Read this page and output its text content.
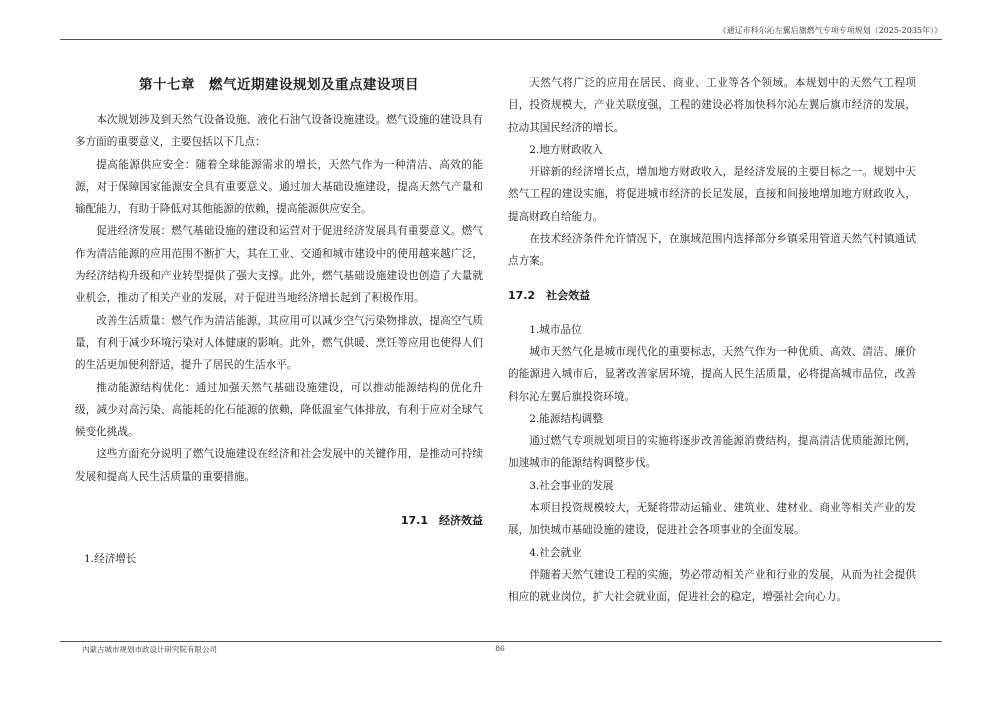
《通辽市科尔沁左翼后旗燃气专项专项规划（2025-2035年）》
第十七章　燃气近期建设规划及重点建设项目

本次规划涉及到天然气设备设施、液化石油气设备设施建设。燃气设施的建设具有多方面的重要意义，主要包括以下几点：

提高能源供应安全：随着全球能源需求的增长，天然气作为一种清洁、高效的能源，对于保障国家能源安全具有重要意义。通过加大基础设施建设，提高天然气产量和输配能力，有助于降低对其他能源的依赖，提高能源供应安全。

促进经济发展：燃气基础设施的建设和运营对于促进经济发展具有重要意义。燃气作为清洁能源的应用范围不断扩大，其在工业、交通和城市建设中的使用越来越广泛，为经济结构升级和产业转型提供了强大支撑。此外，燃气基础设施建设也创造了大量就业机会，推动了相关产业的发展，对于促进当地经济增长起到了积极作用。

改善生活质量：燃气作为清洁能源，其应用可以减少空气污染物排放，提高空气质量，有利于减少环境污染对人体健康的影响。此外，燃气供暖、烹饪等应用也使得人们的生活更加便利舒适，提升了居民的生活水平。

推动能源结构优化：通过加强天然气基础设施建设，可以推动能源结构的优化升级，减少对高污染、高能耗的化石能源的依赖，降低温室气体排放，有利于应对全球气候变化挑战。

这些方面充分说明了燃气设施建设在经济和社会发展中的关键作用，是推动可持续发展和提高人民生活质量的重要措施。

17.1　经济效益

1.经济增长

天然气将广泛的应用在居民、商业、工业等各个领域。本规划中的天然气工程项目，投资规模大，产业关联度强，工程的建设必将加快科尔沁左翼后旗市经济的发展，拉动其国民经济的增长。

2.地方财政收入

开辟新的经济增长点，增加地方财政收入，是经济发展的主要目标之一。规划中天然气工程的建设实施，将促进城市经济的长足发展，直接和间接地增加地方财政收入，提高财政自给能力。

在技术经济条件允许情况下，在旗域范围内选择部分乡镇采用管道天然气村镇通试点方案。

17.2　社会效益

1.城市品位

城市天然气化是城市现代化的重要标志，天然气作为一种优质、高效、清洁、廉价的能源进入城市后，显著改善家居环境，提高人民生活质量，必将提高城市品位，改善科尔沁左翼后旗投资环境。

2.能源结构调整

通过燃气专项规划项目的实施将逐步改善能源消费结构，提高清洁优质能源比例，加速城市的能源结构调整步伐。

3.社会事业的发展

本项目投资规模较大，无疑将带动运输业、建筑业、建材业、商业等相关产业的发展，加快城市基础设施的建设，促进社会各项事业的全面发展。

4.社会就业

伴随着天然气建设工程的实施，势必带动相关产业和行业的发展，从而为社会提供相应的就业岗位，扩大社会就业面，促进社会的稳定，增强社会向心力。

内蒙古城市规划市政设计研究院有限公司	86
